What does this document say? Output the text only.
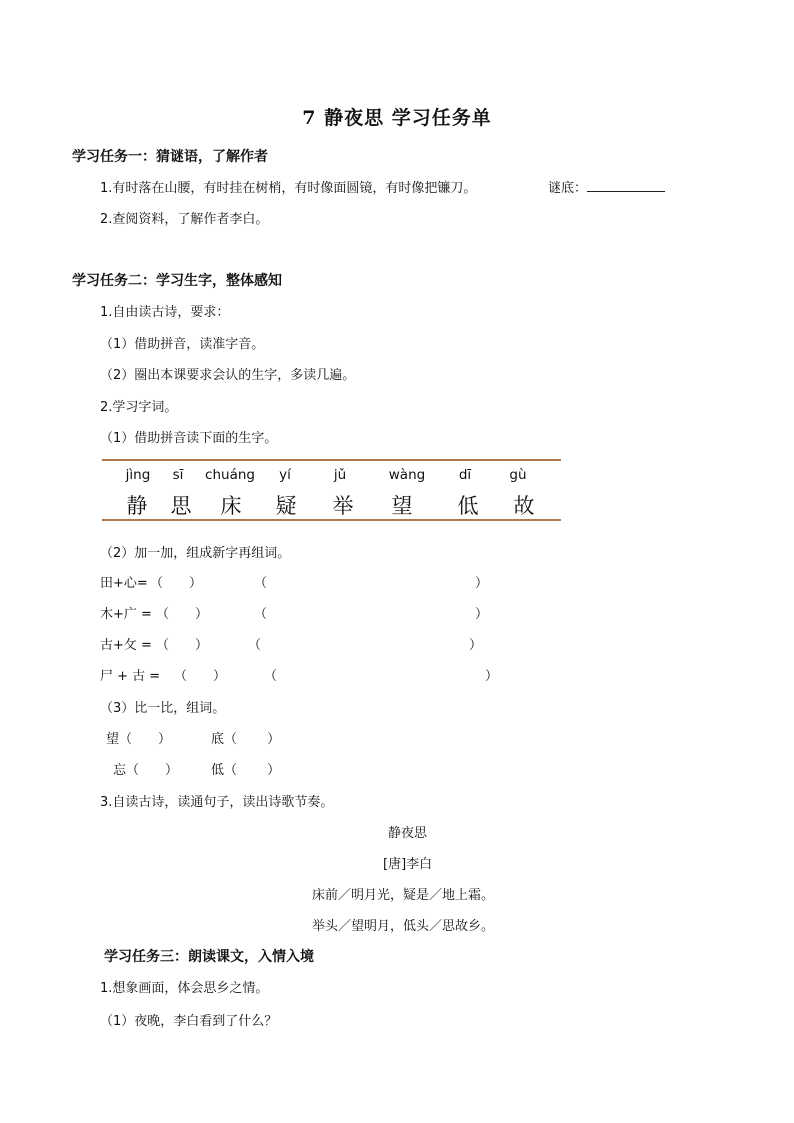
7 静夜思 学习任务单
学习任务一：猜谜语，了解作者
1.有时落在山腰，有时挂在树梢，有时像面圆镜，有时像把镰刀。	谜底：
2.查阅资料，了解作者李白。
学习任务二：学习生字，整体感知
1.自由读古诗，要求：
（1）借助拼音，读准字音。
（2）圈出本课要求会认的生字，多读几遍。
2.学习字词。
（1）借助拼音读下面的生字。
jìng	sī	chuáng	yí	jǔ	wàng	dī	gù
静	思	床	疑	举	望	低	故
（2）加一加，组成新字再组词。
田+心= （　　）	（　　　　　　　　　　　　　　　　）
木+广 = （　　）	（　　　　　　　　　　　　　　　　）
古+攵 = （　　）	（　　　　　　　　　　　　　　　　）
尸 + 古 = （　　）	（　　　　　　　　　　　　　　　　）
（3）比一比，组词。
望（　　）	底（　　 ）
忘（　　）	低（　　 ）
3.自读古诗，读通句子，读出诗歌节奏。
静夜思
[唐]李白
床前／明月光，疑是／地上霜。
举头／望明月，低头／思故乡。
学习任务三：朗读课文，入情入境
1.想象画面，体会思乡之情。
（1）夜晚，李白看到了什么？
